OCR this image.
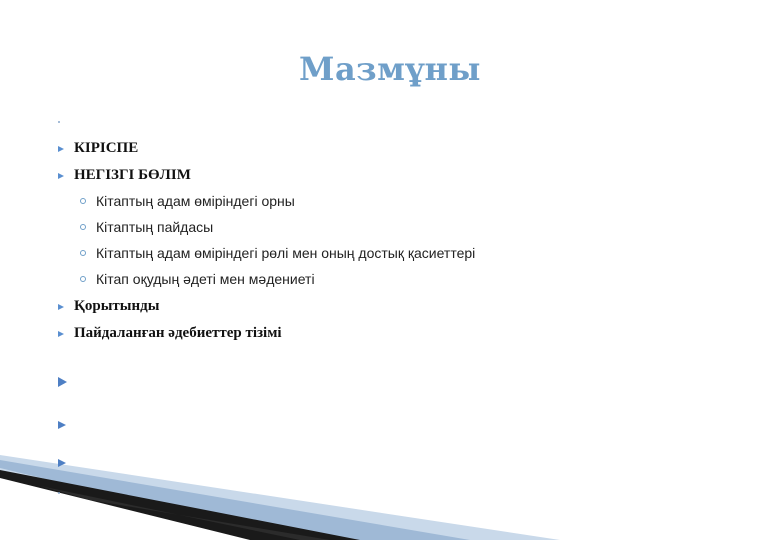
Мазмұны
КІРІСПЕ
НЕГІЗГІ БӨЛІМ
Кітаптың адам өміріндегі орны
Кітаптың пайдасы
Кітаптың адам өміріндегі рөлі мен оның достық қасиеттері
Кітап оқудың әдеті мен мәдениеті
Қорытынды
Пайдаланған әдебиеттер тізімі
